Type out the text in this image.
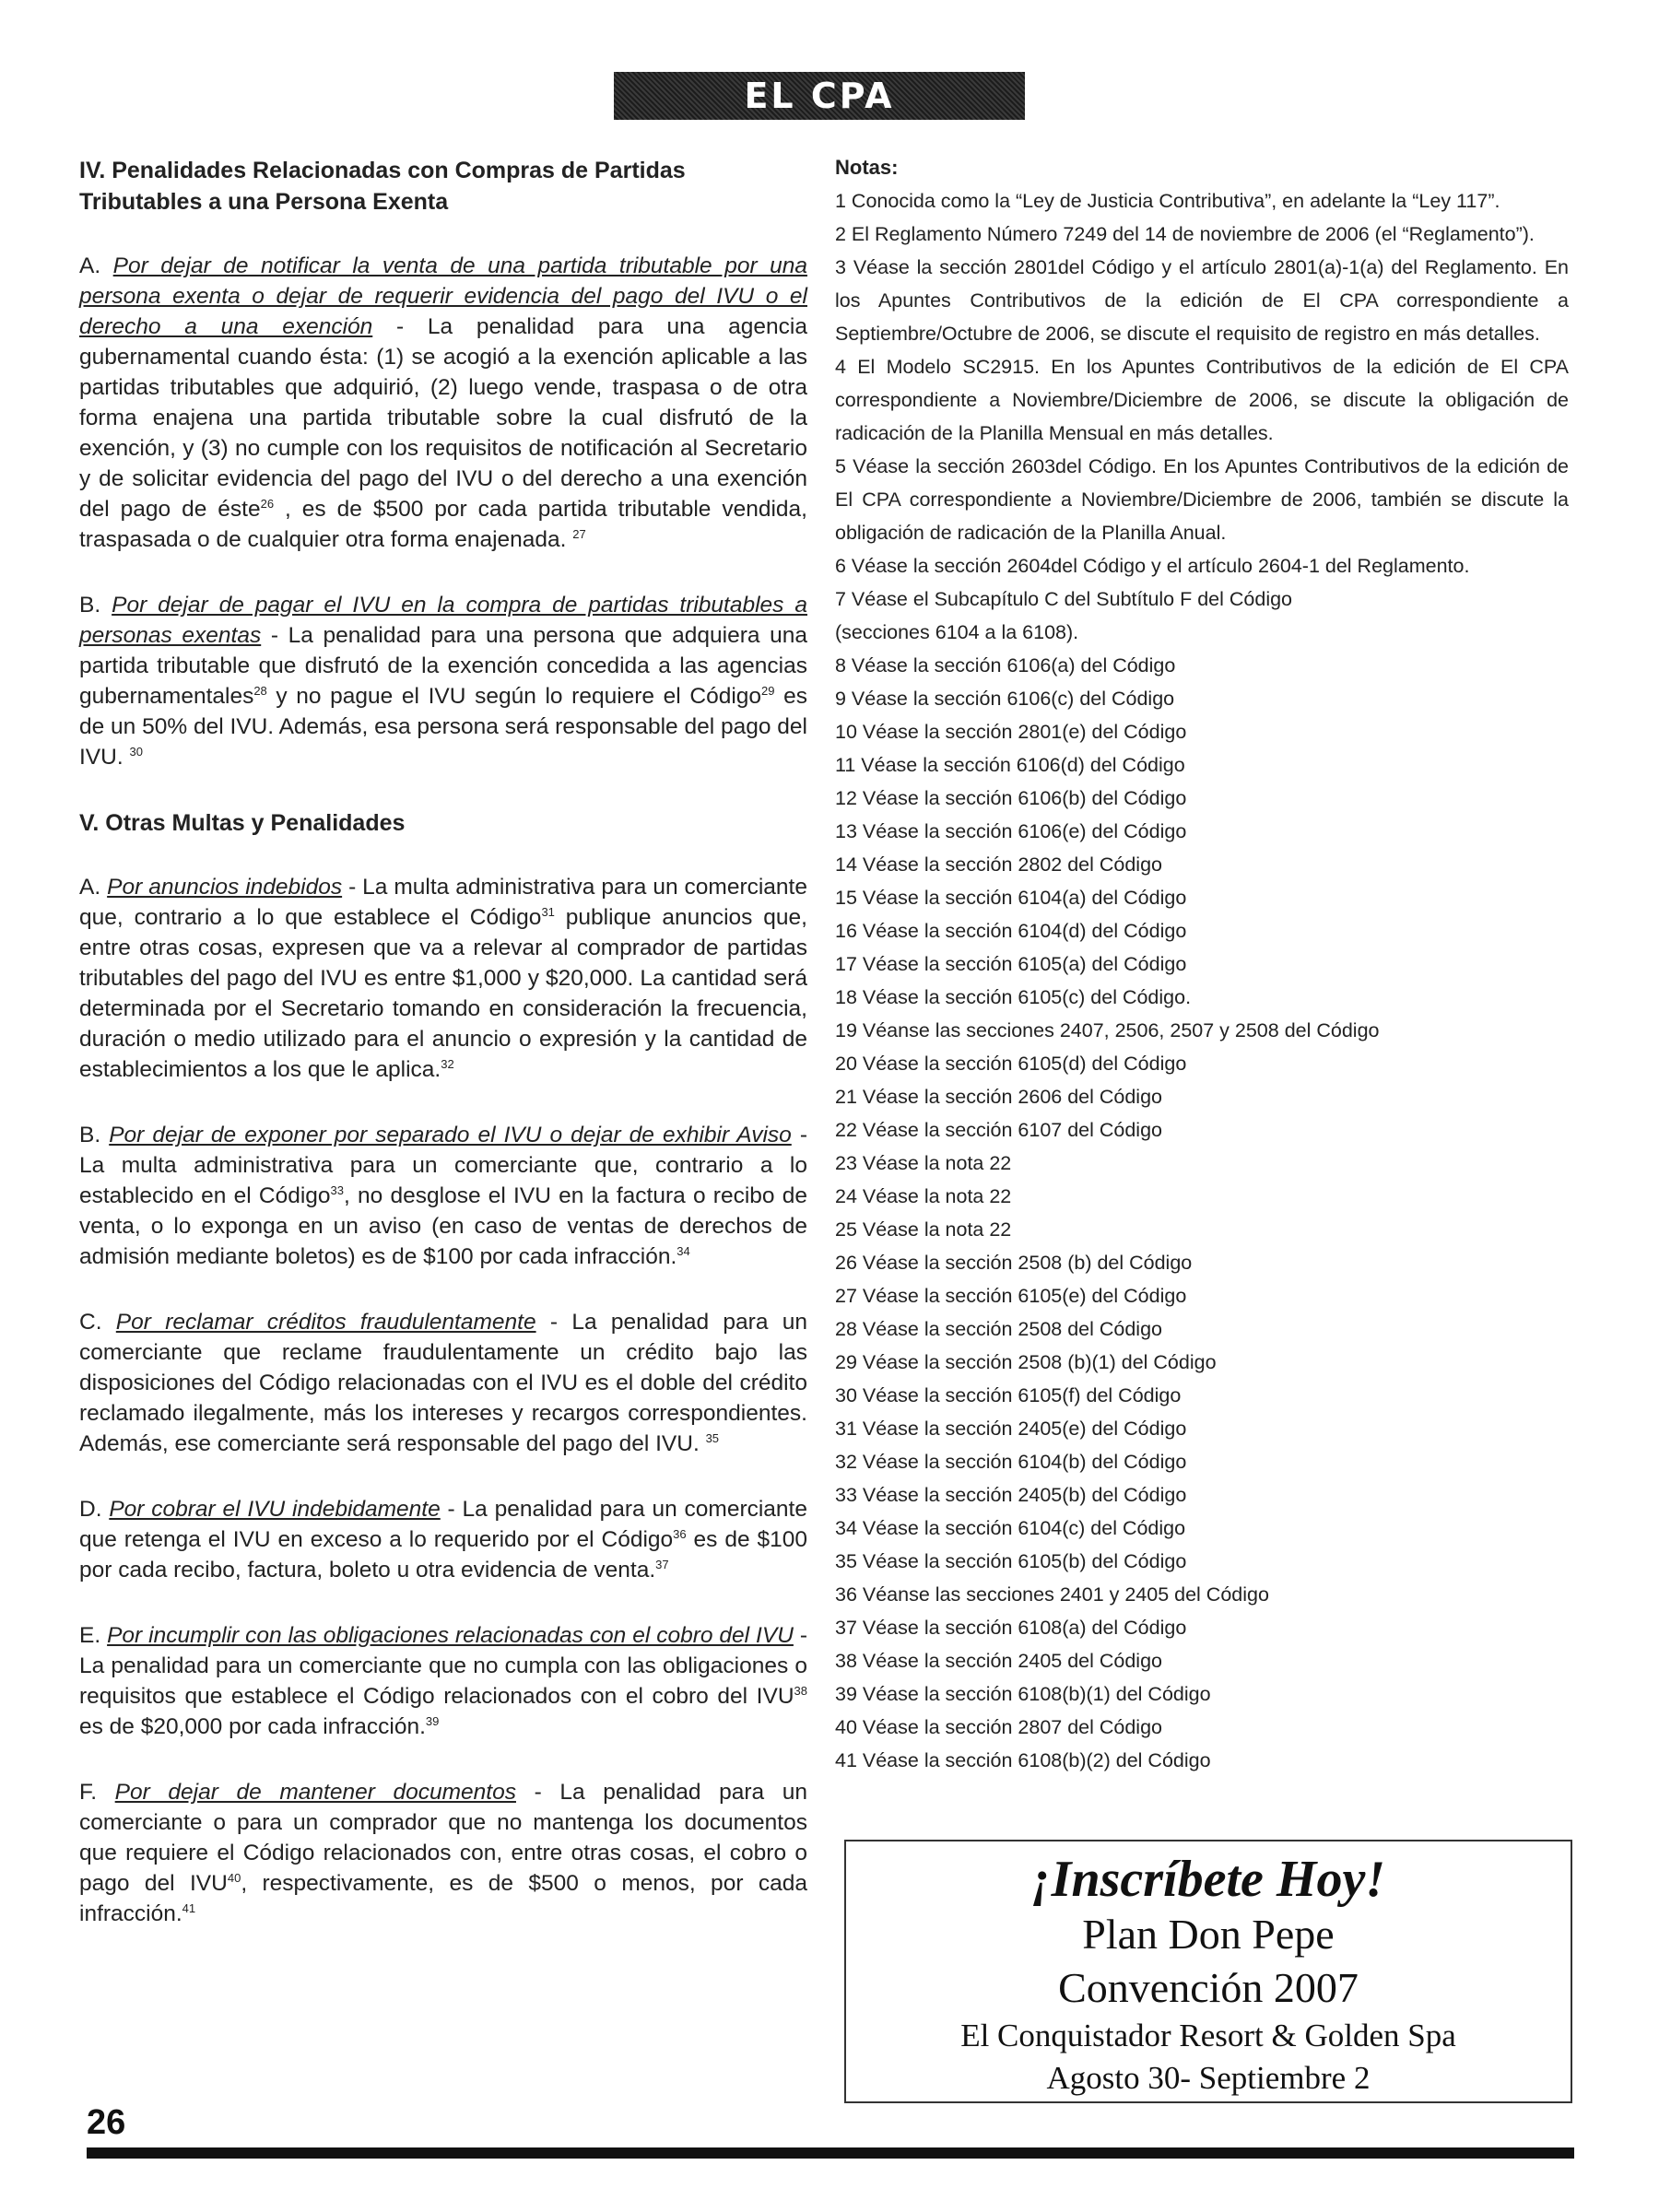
EL CPA
IV. Penalidades Relacionadas con Compras de Partidas Tributables a una Persona Exenta

A. Por dejar de notificar la venta de una partida tributable por una persona exenta o dejar de requerir evidencia del pago del IVU o el derecho a una exención - La penalidad para una agencia gubernamental cuando ésta: (1) se acogió a la exención aplicable a las partidas tributables que adquirió, (2) luego vende, traspasa o de otra forma enajena una partida tributable sobre la cual disfrutó de la exención, y (3) no cumple con los requisitos de notificación al Secretario y de solicitar evidencia del pago del IVU o del derecho a una exención del pago de éste$^{26}$ , es de $500 por cada partida tributable vendida, traspasada o de cualquier otra forma enajenada. $^{27}$

B. Por dejar de pagar el IVU en la compra de partidas tributables a personas exentas - La penalidad para una persona que adquiera una partida tributable que disfrutó de la exención concedida a las agencias gubernamentales$^{28}$ y no pague el IVU según lo requiere el Código$^{29}$ es de un 50% del IVU. Además, esa persona será responsable del pago del IVU. $^{30}$

V. Otras Multas y Penalidades

A. Por anuncios indebidos - La multa administrativa para un comerciante que, contrario a lo que establece el Código$^{31}$ publique anuncios que, entre otras cosas, expresen que va a relevar al comprador de partidas tributables del pago del IVU es entre $1,000 y $20,000. La cantidad será determinada por el Secretario tomando en consideración la frecuencia, duración o medio utilizado para el anuncio o expresión y la cantidad de establecimientos a los que le aplica.$^{32}$

B. Por dejar de exponer por separado el IVU o dejar de exhibir Aviso - La multa administrativa para un comerciante que, contrario a lo establecido en el Código$^{33}$, no desglose el IVU en la factura o recibo de venta, o lo exponga en un aviso (en caso de ventas de derechos de admisión mediante boletos) es de $100 por cada infracción.$^{34}$

C. Por reclamar créditos fraudulentamente - La penalidad para un comerciante que reclame fraudulentamente un crédito bajo las disposiciones del Código relacionadas con el IVU es el doble del crédito reclamado ilegalmente, más los intereses y recargos correspondientes. Además, ese comerciante será responsable del pago del IVU. $^{35}$

D. Por cobrar el IVU indebidamente - La penalidad para un comerciante que retenga el IVU en exceso a lo requerido por el Código$^{36}$ es de $100 por cada recibo, factura, boleto u otra evidencia de venta.$^{37}$

E. Por incumplir con las obligaciones relacionadas con el cobro del IVU - La penalidad para un comerciante que no cumpla con las obligaciones o requisitos que establece el Código relacionados con el cobro del IVU$^{38}$ es de $20,000 por cada infracción.$^{39}$

F. Por dejar de mantener documentos - La penalidad para un comerciante o para un comprador que no mantenga los documentos que requiere el Código relacionados con, entre otras cosas, el cobro o pago del IVU$^{40}$, respectivamente, es de $500 o menos, por cada infracción.$^{41}$

Notas:
1 Conocida como la “Ley de Justicia Contributiva”, en adelante la “Ley 117”.
2 El Reglamento Número 7249 del 14 de noviembre de 2006 (el “Reglamento”).
3 Véase la sección 2801del Código y el artículo 2801(a)-1(a) del Reglamento. En los Apuntes Contributivos de la edición de El CPA correspondiente a Septiembre/Octubre de 2006, se discute el requisito de registro en más detalles.
4 El Modelo SC2915. En los Apuntes Contributivos de la edición de El CPA correspondiente a Noviembre/Diciembre de 2006, se discute la obligación de radicación de la Planilla Mensual en más detalles.
5 Véase la sección 2603del Código. En los Apuntes Contributivos de la edición de El CPA correspondiente a Noviembre/Diciembre de 2006, también se discute la obligación de radicación de la Planilla Anual.
6 Véase la sección 2604del Código y el artículo 2604-1 del Reglamento.
7 Véase el Subcapítulo C del Subtítulo F del Código
(secciones 6104 a la 6108).
8 Véase la sección 6106(a) del Código
9 Véase la sección 6106(c) del Código
10 Véase la sección 2801(e) del Código
11 Véase la sección 6106(d) del Código
12 Véase la sección 6106(b) del Código
13 Véase la sección 6106(e) del Código
14 Véase la sección 2802 del Código
15 Véase la sección 6104(a) del Código
16 Véase la sección 6104(d) del Código
17 Véase la sección 6105(a) del Código
18 Véase la sección 6105(c) del Código.
19 Véanse las secciones 2407, 2506, 2507 y 2508 del Código
20 Véase la sección 6105(d) del Código
21 Véase la sección 2606 del Código
22 Véase la sección 6107 del Código
23 Véase la nota 22
24 Véase la nota 22
25 Véase la nota 22
26 Véase la sección 2508 (b) del Código
27 Véase la sección 6105(e) del Código
28 Véase la sección 2508 del Código
29 Véase la sección 2508 (b)(1) del Código
30 Véase la sección 6105(f) del Código
31 Véase la sección 2405(e) del Código
32 Véase la sección 6104(b) del Código
33 Véase la sección 2405(b) del Código
34 Véase la sección 6104(c) del Código
35 Véase la sección 6105(b) del Código
36 Véanse las secciones 2401 y 2405 del Código
37 Véase la sección 6108(a) del Código
38 Véase la sección 2405 del Código
39 Véase la sección 6108(b)(1) del Código
40 Véase la sección 2807 del Código
41 Véase la sección 6108(b)(2) del Código
¡Inscríbete Hoy!
Plan Don Pepe
Convención 2007
El Conquistador Resort & Golden Spa
Agosto 30- Septiembre 2
26
